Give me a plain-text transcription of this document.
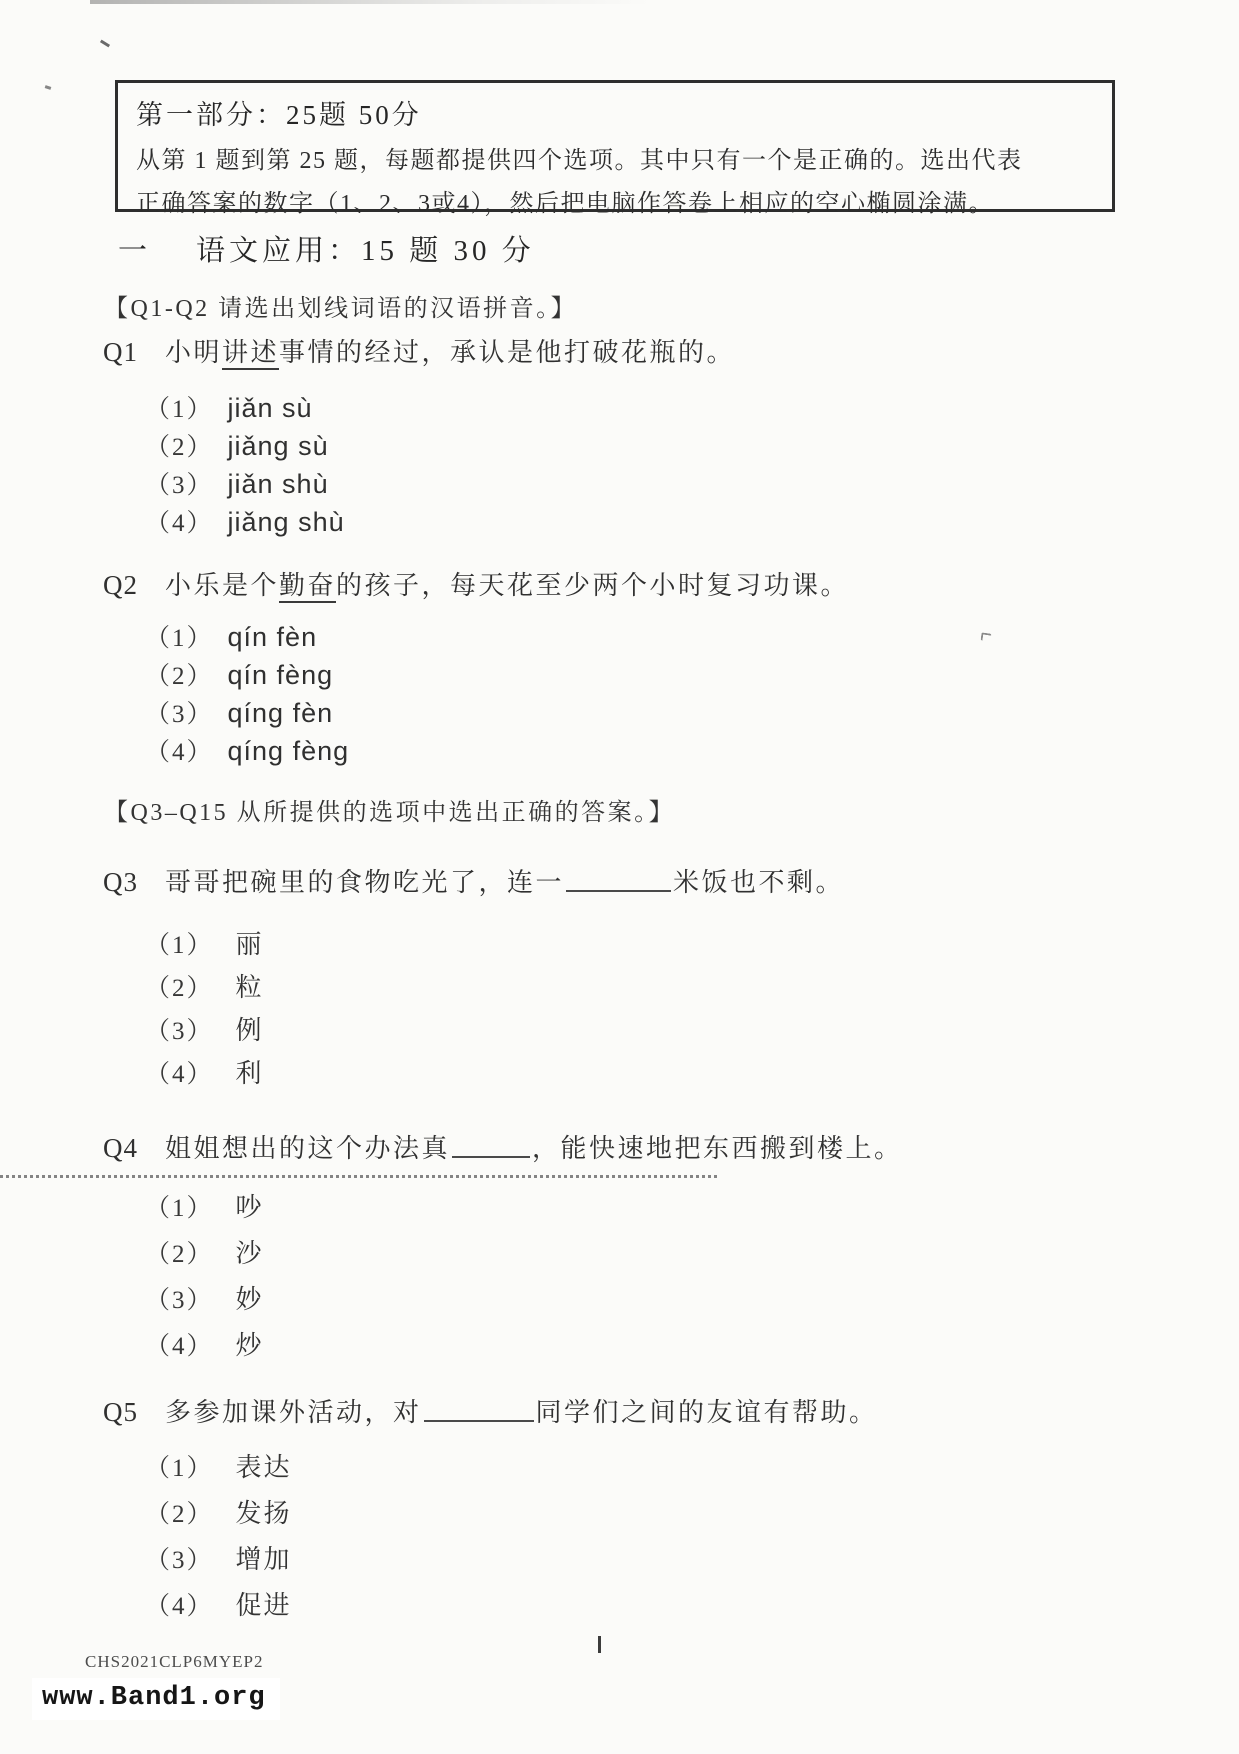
第一部分：25题 50分
从第 1 题到第 25 题，每题都提供四个选项。其中只有一个是正确的。选出代表
正确答案的数字（1、2、3或4），然后把电脑作答卷上相应的空心椭圆涂满。
一 语文应用：15 题 30 分
【Q1-Q2 请选出划线词语的汉语拼音。】
Q1 小明讲述事情的经过，承认是他打破花瓶的。
（1） jiǎn sù
（2） jiǎng sù
（3） jiǎn shù
（4） jiǎng shù
Q2 小乐是个勤奋的孩子，每天花至少两个小时复习功课。
（1） qín fèn
（2） qín fèng
（3） qíng fèn
（4） qíng fèng
【Q3–Q15 从所提供的选项中选出正确的答案。】
Q3 哥哥把碗里的食物吃光了，连一	米饭也不剩。
（1） 丽
（2） 粒
（3） 例
（4） 利
Q4 姐姐想出的这个办法真	，能快速地把东西搬到楼上。
（1） 吵
（2） 沙
（3） 妙
（4） 炒
Q5 多参加课外活动，对	同学们之间的友谊有帮助。
（1） 表达
（2） 发扬
（3） 增加
（4） 促进
CHS2021CLP6MYEP2
www.Band1.org
